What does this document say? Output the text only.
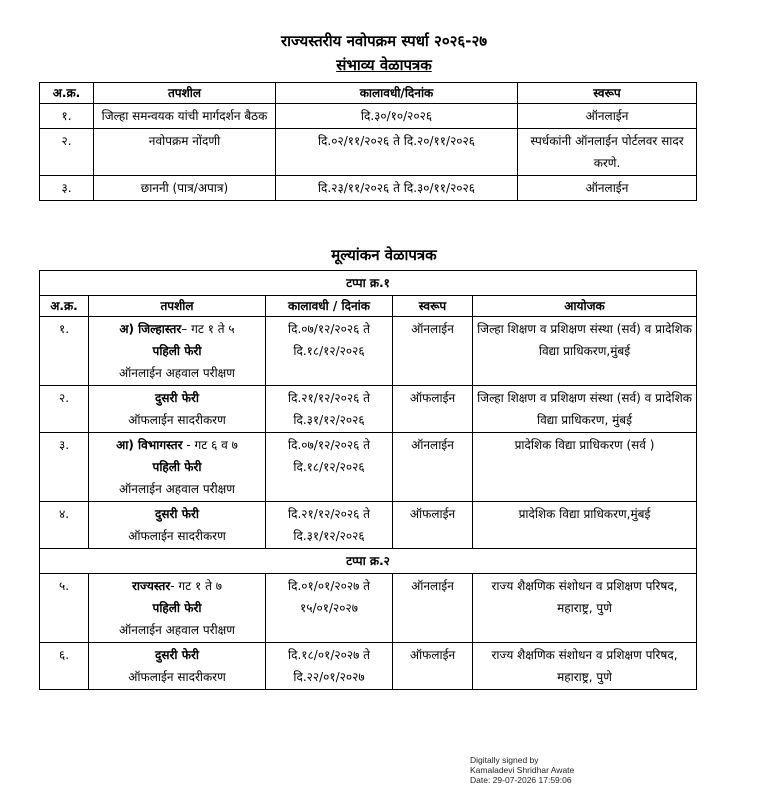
राज्यस्तरीय नवोपक्रम स्पर्धा २०२६-२७
संभाव्य वेळापत्रक
अ.क्र.	तपशील	कालावधी/दिनांक	स्वरूप
१.	जिल्हा समन्वयक यांची मार्गदर्शन बैठक	दि.३०/१०/२०२६	ऑनलाईन
२.	नवोपक्रम नोंदणी	दि.०२/११/२०२६ ते दि.२०/११/२०२६	स्पर्धकांनी ऑनलाईन पोर्टलवर सादर करणे.
३.	छाननी (पात्र/अपात्र)	दि.२३/११/२०२६ ते दि.३०/११/२०२६	ऑनलाईन
मूल्यांकन वेळापत्रक
टप्पा क्र.१				
अ.क्र.	तपशील	कालावधी / दिनांक	स्वरूप	आयोजक
१.	अ) जिल्हास्तर– गट १ ते ५
पहिली फेरी
ऑनलाईन अहवाल परीक्षण	दि.०७/१२/२०२६ ते दि.१८/१२/२०२६	ऑनलाईन	जिल्हा शिक्षण व प्रशिक्षण संस्था (सर्व) व प्रादेशिक विद्या प्राधिकरण,मुंबई
२.	दुसरी फेरी
ऑफलाईन सादरीकरण	दि.२१/१२/२०२६ ते दि.३१/१२/२०२६	ऑफलाईन	जिल्हा शिक्षण व प्रशिक्षण संस्था (सर्व) व प्रादेशिक विद्या प्राधिकरण, मुंबई
३.	आ) विभागस्तर - गट ६ व ७
पहिली फेरी
ऑनलाईन अहवाल परीक्षण	दि.०७/१२/२०२६ ते दि.१८/१२/२०२६	ऑनलाईन	प्रादेशिक विद्या प्राधिकरण (सर्व )
४.	दुसरी फेरी
ऑफलाईन सादरीकरण	दि.२१/१२/२०२६ ते दि.३१/१२/२०२६	ऑफलाईन	प्रादेशिक विद्या प्राधिकरण,मुंबई
टप्पा क्र.२				
५.	राज्यस्तर- गट १ ते ७
पहिली फेरी
ऑनलाईन अहवाल परीक्षण	दि.०१/०१/२०२७ ते १५/०१/२०२७	ऑनलाईन	राज्य शैक्षणिक संशोधन व प्रशिक्षण परिषद, महाराष्ट्र, पुणे
६.	दुसरी फेरी
ऑफलाईन सादरीकरण	दि.१८/०१/२०२७ ते दि.२२/०१/२०२७	ऑफलाईन	राज्य शैक्षणिक संशोधन व प्रशिक्षण परिषद, महाराष्ट्र, पुणे
Digitally signed by
Kamaladevi Shridhar Awate
Date: 29-07-2026 17:59:06
